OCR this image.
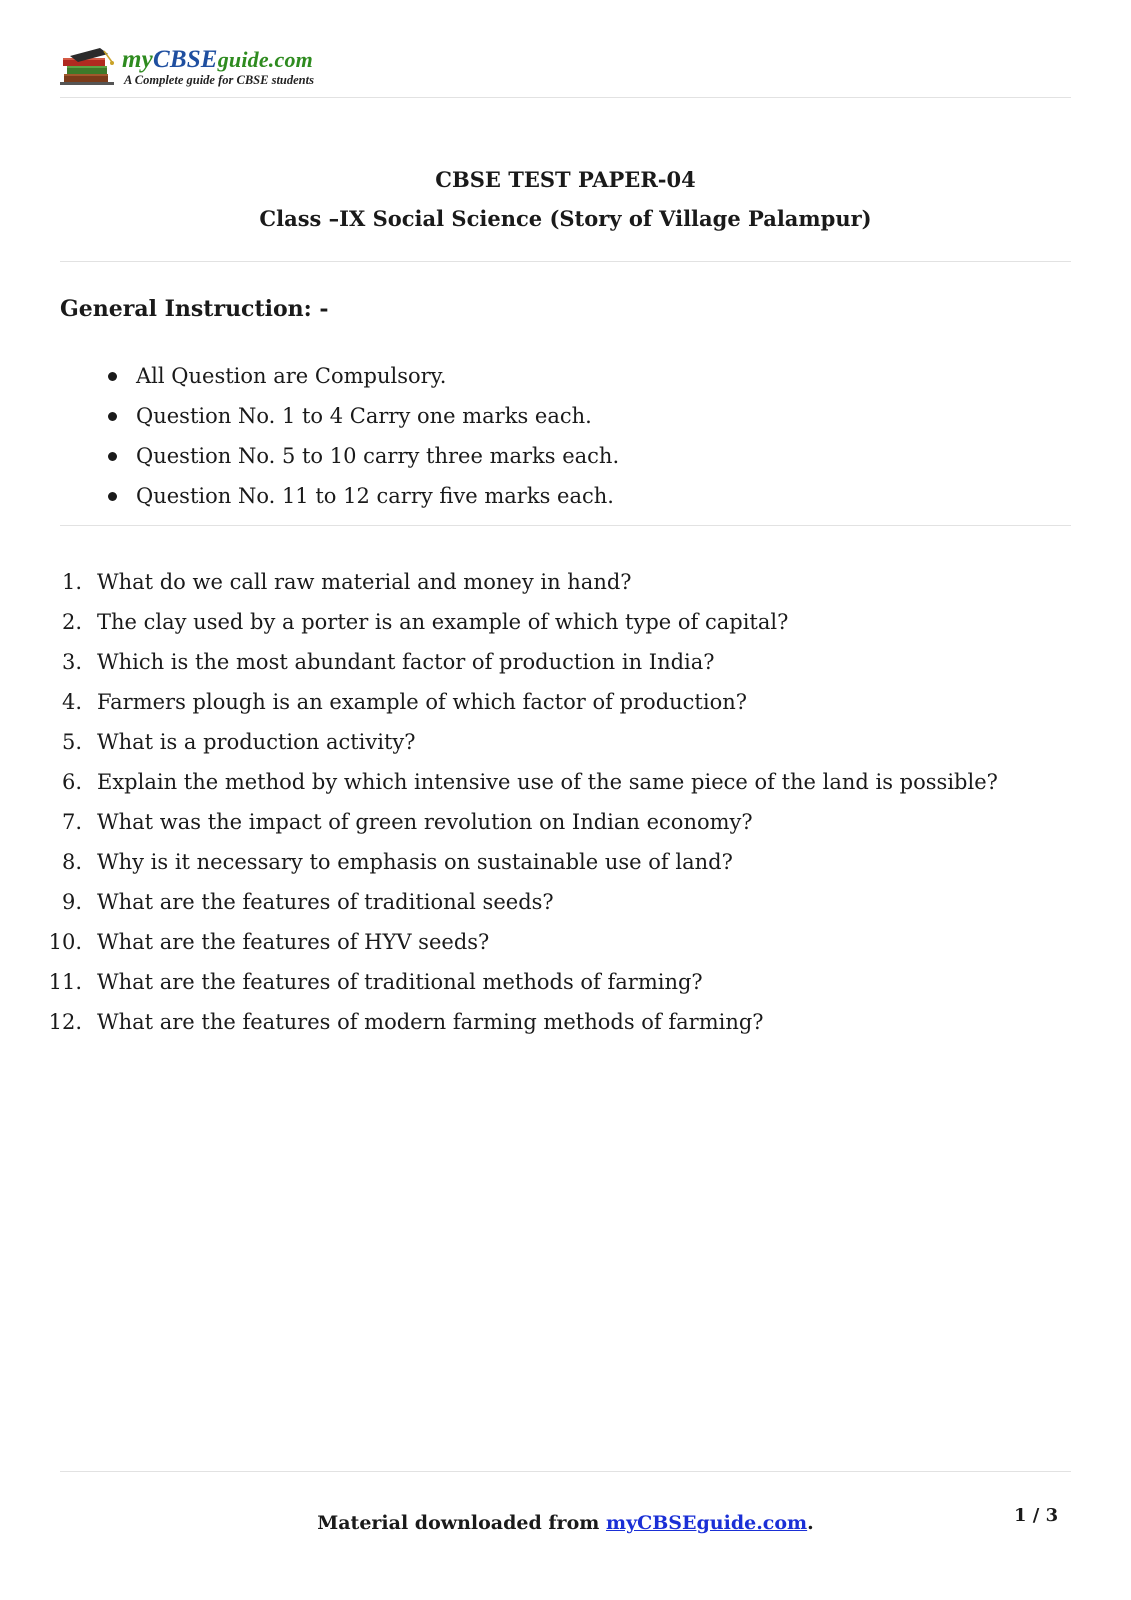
myCBSEguide.com
A Complete guide for CBSE students
CBSE TEST PAPER-04
Class –IX Social Science (Story of Village Palampur)
General Instruction: -
All Question are Compulsory.
Question No. 1 to 4 Carry one marks each.
Question No. 5 to 10 carry three marks each.
Question No. 11 to 12 carry five marks each.
1. What do we call raw material and money in hand?
2. The clay used by a porter is an example of which type of capital?
3. Which is the most abundant factor of production in India?
4. Farmers plough is an example of which factor of production?
5. What is a production activity?
6. Explain the method by which intensive use of the same piece of the land is possible?
7. What was the impact of green revolution on Indian economy?
8. Why is it necessary to emphasis on sustainable use of land?
9. What are the features of traditional seeds?
10. What are the features of HYV seeds?
11. What are the features of traditional methods of farming?
12. What are the features of modern farming methods of farming?
Material downloaded from myCBSEguide.com.	1 / 3
